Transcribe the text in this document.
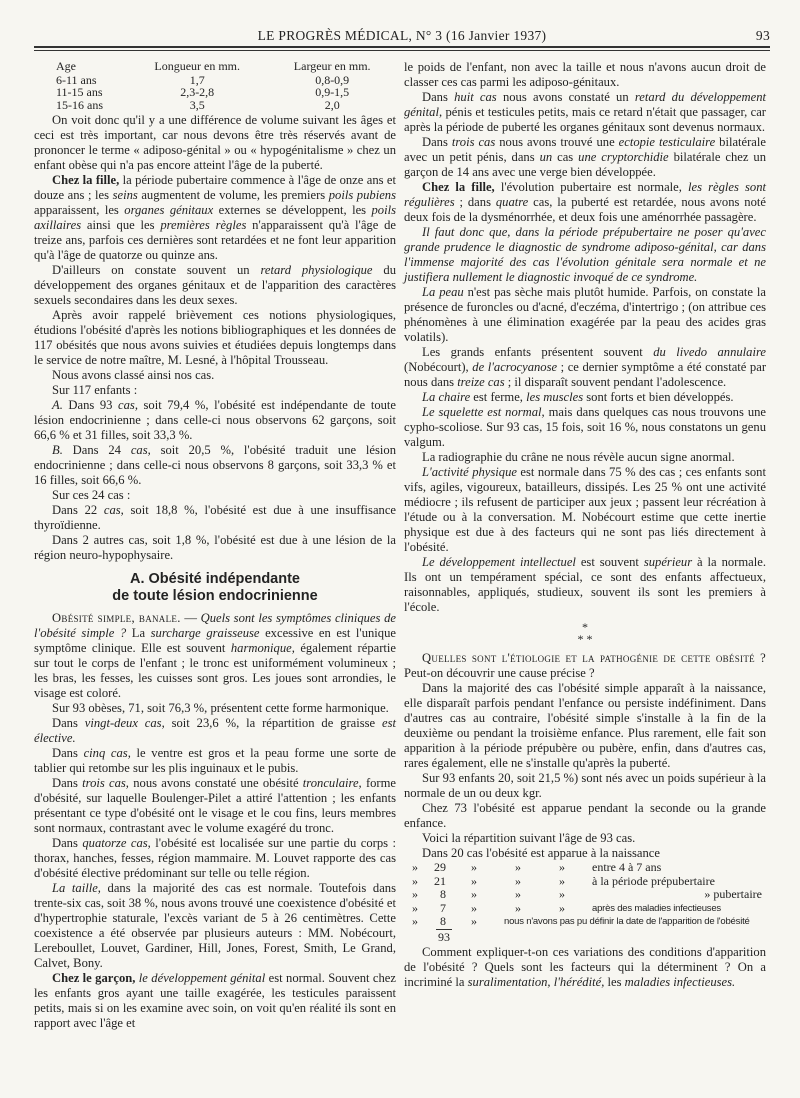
LE PROGRÈS MÉDICAL, N° 3 (16 Janvier 1937)	93
Age	Longueur en mm.	Largeur en mm.
6-11 ans	1,7	0,8-0,9
11-15 ans	2,3-2,8	0,9-1,5
15-16 ans	3,5	2,0

On voit donc qu'il y a une différence de volume suivant les âges et ceci est très important, car nous devons être très réservés avant de prononcer le terme « adiposo-génital » ou « hypogénitalisme » chez un enfant obèse qui n'a pas encore atteint l'âge de la puberté.

Chez la fille, la période pubertaire commence à l'âge de onze ans et douze ans ; les seins augmentent de volume, les premiers poils pubiens apparaissent, les organes génitaux externes se développent, les poils axillaires ainsi que les premières règles n'apparaissent qu'à l'âge de treize ans, parfois ces dernières sont retardées et ne font leur apparition qu'à l'âge de quatorze ou quinze ans.

D'ailleurs on constate souvent un retard physiologique du développement des organes génitaux et de l'apparition des caractères sexuels secondaires dans les deux sexes.

Après avoir rappelé brièvement ces notions physiologiques, étudions l'obésité d'après les notions bibliographiques et les données de 117 obésités que nous avons suivies et étudiées depuis longtemps dans le service de notre maître, M. Lesné, à l'hôpital Trousseau.

Nous avons classé ainsi nos cas.

Sur 117 enfants :

A. Dans 93 cas, soit 79,4 %, l'obésité est indépendante de toute lésion endocrinienne ; dans celle-ci nous observons 62 garçons, soit 66,6 % et 31 filles, soit 33,3 %.

B. Dans 24 cas, soit 20,5 %, l'obésité traduit une lésion endocrinienne ; dans celle-ci nous observons 8 garçons, soit 33,3 % et 16 filles, soit 66,6 %.

Sur ces 24 cas :

Dans 22 cas, soit 18,8 %, l'obésité est due à une insuffisance thyroïdienne.

Dans 2 autres cas, soit 1,8 %, l'obésité est due à une lésion de la région neuro-hypophysaire.

A. Obésité indépendante
de toute lésion endocrinienne

Obésité simple, banale. — Quels sont les symptômes cliniques de l'obésité simple ? La surcharge graisseuse excessive en est l'unique symptôme clinique. Elle est souvent harmonique, également répartie sur tout le corps de l'enfant ; le tronc est uniformément volumineux ; les bras, les fesses, les cuisses sont gros. Les joues sont arrondies, le visage est coloré.

Sur 93 obèses, 71, soit 76,3 %, présentent cette forme harmonique.

Dans vingt-deux cas, soit 23,6 %, la répartition de graisse est élective.

Dans cinq cas, le ventre est gros et la peau forme une sorte de tablier qui retombe sur les plis inguinaux et le pubis.

Dans trois cas, nous avons constaté une obésité tronculaire, forme d'obésité, sur laquelle Boulenger-Pilet a attiré l'attention ; les enfants présentant ce type d'obésité ont le visage et le cou fins, leurs membres sont normaux, contrastant avec le volume exagéré du tronc.

Dans quatorze cas, l'obésité est localisée sur une partie du corps : thorax, hanches, fesses, région mammaire. M. Louvet rapporte des cas d'obésité élective prédominant sur telle ou telle région.

La taille, dans la majorité des cas est normale. Toutefois dans trente-six cas, soit 38 %, nous avons trouvé une coexistence d'obésité et d'hypertrophie staturale, l'excès variant de 5 à 26 centimètres. Cette coexistence a été observée par plusieurs auteurs : MM. Nobécourt, Lereboullet, Louvet, Gardiner, Hill, Jones, Forest, Smith, Le Grand, Calvet, Bony.

Chez le garçon, le développement génital est normal. Souvent chez les enfants gros ayant une taille exagérée, les testicules paraissent petits, mais si on les examine avec soin, on voit qu'en réalité ils sont en rapport avec l'âge et

le poids de l'enfant, non avec la taille et nous n'avons aucun droit de classer ces cas parmi les adiposo-génitaux.

Dans huit cas nous avons constaté un retard du développement génital, pénis et testicules petits, mais ce retard n'était que passager, car après la période de puberté les organes génitaux sont devenus normaux.

Dans trois cas nous avons trouvé une ectopie testiculaire bilatérale avec un petit pénis, dans un cas une cryptorchidie bilatérale chez un garçon de 14 ans avec une verge bien développée.

Chez la fille, l'évolution pubertaire est normale, les règles sont régulières ; dans quatre cas, la puberté est retardée, nous avons noté deux fois de la dysménorrhée, et deux fois une aménorrhée passagère.

Il faut donc que, dans la période prépubertaire ne poser qu'avec grande prudence le diagnostic de syndrome adiposo-génital, car dans l'immense majorité des cas l'évolution génitale sera normale et ne justifiera nullement le diagnostic invoqué de ce syndrome.

La peau n'est pas sèche mais plutôt humide. Parfois, on constate la présence de furoncles ou d'acné, d'eczéma, d'intertrigo ; (on attribue ces phénomènes à une élimination exagérée par la peau des acides gras volatils).

Les grands enfants présentent souvent du livedo annulaire (Nobécourt), de l'acrocyanose ; ce dernier symptôme a été constaté par nous dans treize cas ; il disparaît souvent pendant l'adolescence.

La chaire est ferme, les muscles sont forts et bien développés.

Le squelette est normal, mais dans quelques cas nous trouvons une cypho-scoliose. Sur 93 cas, 15 fois, soit 16 %, nous constatons un genu valgum.

La radiographie du crâne ne nous révèle aucun signe anormal.

L'activité physique est normale dans 75 % des cas ; ces enfants sont vifs, agiles, vigoureux, batailleurs, dissipés. Les 25 % ont une activité médiocre ; ils refusent de participer aux jeux ; passent leur récréation à l'étude ou à la conversation. M. Nobécourt estime que cette inertie physique est due à des facteurs qui ne sont pas liés directement à l'obésité.

Le développement intellectuel est souvent supérieur à la normale. Ils ont un tempérament spécial, ce sont des enfants affectueux, raisonnables, appliqués, studieux, souvent ils sont les premiers à l'école.

*
* *

Quelles sont l'étiologie et la pathogénie de cette obésité ? Peut-on découvrir une cause précise ?

Dans la majorité des cas l'obésité simple apparaît à la naissance, elle disparaît parfois pendant l'enfance ou persiste indéfiniment. Dans d'autres cas au contraire, l'obésité simple s'installe à la fin de la deuxième ou pendant la troisième enfance. Plus rarement, elle fait son apparition à la période prépubère ou pubère, enfin, dans d'autres cas, rares également, elle ne s'installe qu'après la puberté.

Sur 93 enfants 20, soit 21,5 %) sont nés avec un poids supérieur à la normale de un ou deux kgr.

Chez 73 l'obésité est apparue pendant la seconde ou la grande enfance.

Voici la répartition suivant l'âge de 93 cas.

Dans 20 cas l'obésité est apparue à la naissance

»	29	»	»	»	entre 4 à 7 ans
»	21	»	»	»	à la période prépubertaire
»	8	»	»	»	» pubertaire
»	7	»	»	»	après des maladies infectieuses
»	8	»	nous n'avons pas pu définir la date de l'apparition de l'obésité		

93

Comment expliquer-t-on ces variations des conditions d'apparition de l'obésité ? Quels sont les facteurs qui la déterminent ? On a incriminé la suralimentation, l'hérédité, les maladies infectieuses.
